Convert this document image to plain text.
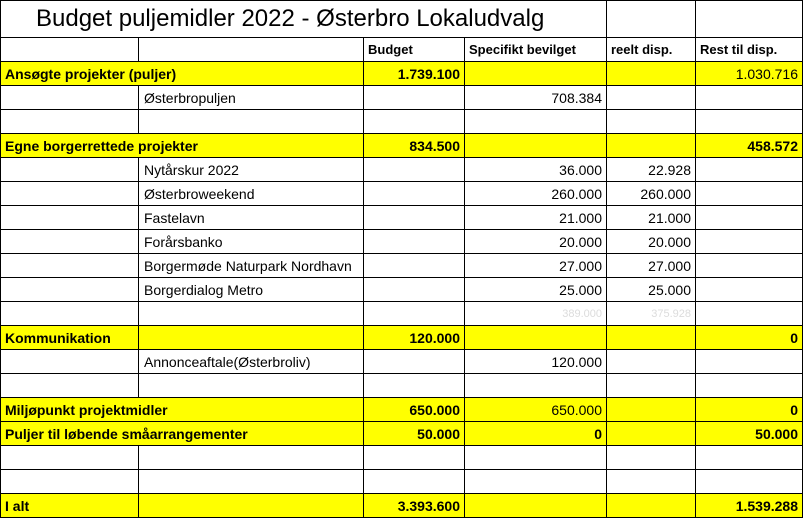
Budget puljemidler 2022 - Østerbro Lokaludvalg					
		Budget	Specifikt bevilget	reelt disp.	Rest til disp.
Ansøgte projekter (puljer)		1.739.100			1.030.716
	Østerbropuljen		708.384		

Egne borgerrettede projekter		834.500			458.572
	Nytårskur 2022		36.000	22.928	
	Østerbroweekend		260.000	260.000	
	Fastelavn		21.000	21.000	
	Forårsbanko		20.000	20.000	
	Borgermøde Naturpark Nordhavn		27.000	27.000	
	Borgerdialog Metro		25.000	25.000	
			389.000	375.928	
Kommunikation		120.000			0
	Annonceaftale(Østerbroliv)		120.000		

Miljøpunkt projektmidler		650.000	650.000		0
Puljer til løbende småarrangementer		50.000	0		50.000

I alt		3.393.600			1.539.288
